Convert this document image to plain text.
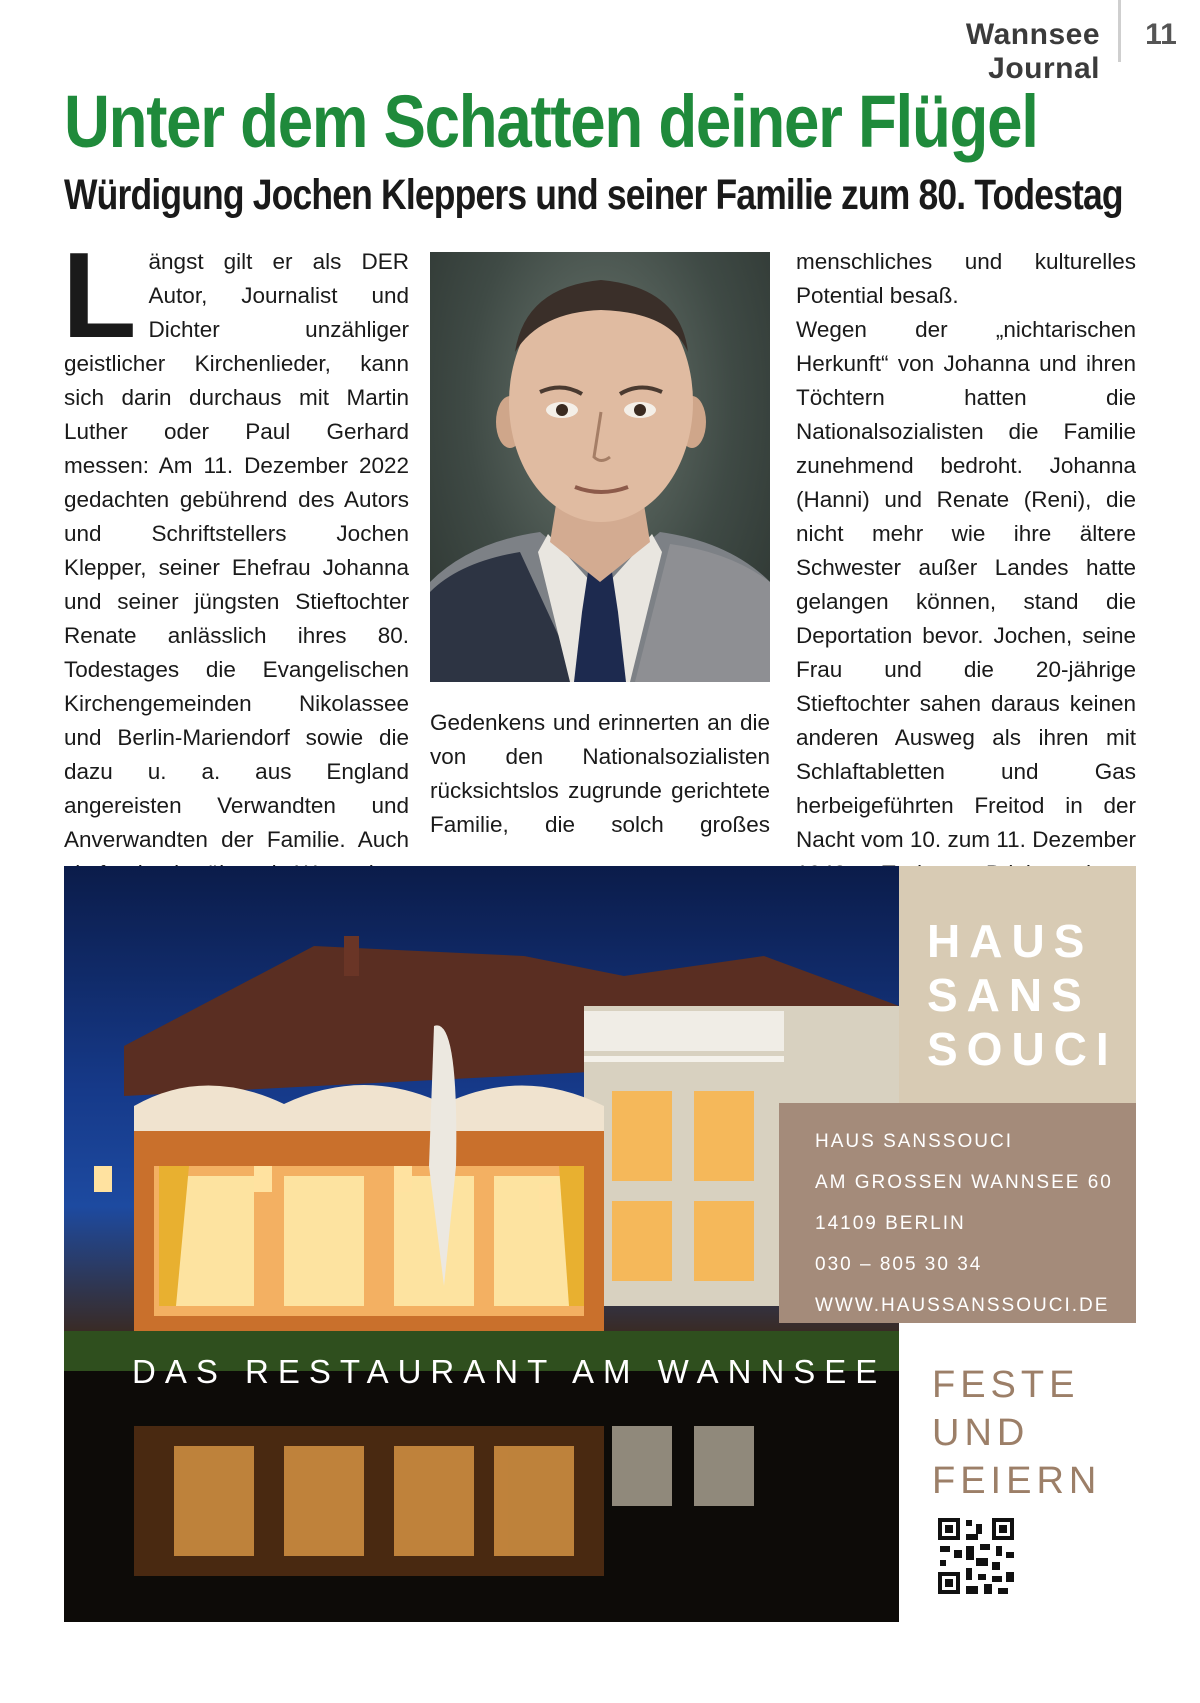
Wannsee Journal
11
Unter dem Schatten deiner Flügel
Würdigung Jochen Kleppers und seiner Familie zum 80. Todestag

Längst gilt er als DER Autor, Journalist und Dichter unzähliger geistlicher Kirchenlieder, kann sich darin durchaus mit Martin Luther oder Paul Gerhard messen: Am 11. Dezember 2022 gedachten gebührend des Autors und Schriftstellers Jochen Klepper, seiner Ehefrau Johanna und seiner jüngsten Stieftochter Renate anlässlich ihres 80. Todestages die Evangelischen Kirchengemeinden Nikolassee und Berlin-Mariendorf sowie die dazu u. a. aus England angereisten Verwandten und Anverwandten der Familie. Auch

Gedenkens und erinnerten an die von den Nationalsozialisten rücksichtslos zugrunde gerichtete Familie, die solch großes

menschliches und kulturelles Potential besaß.

Wegen der „nichtarischen Herkunft“ von Johanna und ihren Töchtern hatten die Nationalsozialisten die Familie zunehmend bedroht. Johanna (Hanni) und Renate (Reni), die nicht mehr wie ihre ältere Schwester außer Landes hatte gelangen können, stand die Deportation bevor. Jochen, seine Frau und die 20-jährige Stieftochter sahen daraus keinen anderen Ausweg als ihren mit Schlaftabletten und Gas herbeigeführten Freitod in der Nacht vom 10. zum 11. Dezember

HAUS
SANS
SOUCI
HAUS SANSSOUCI
AM GROSSEN WANNSEE 60
14109 BERLIN
030 – 805 30 34
WWW.HAUSSANSSOUCI.DE
DAS RESTAURANT AM WANNSEE FESTE
UND
FEIERN
